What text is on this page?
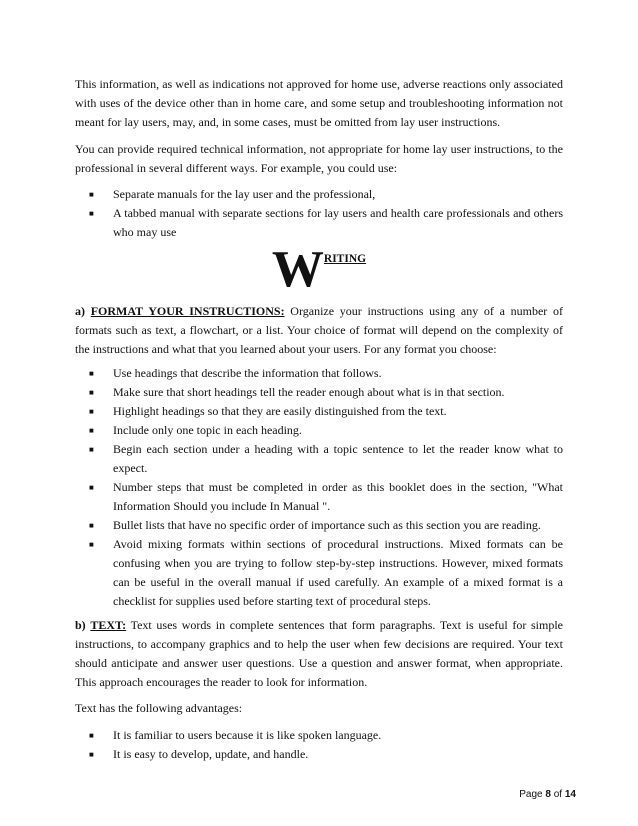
This information, as well as indications not approved for home use, adverse reactions only associated with uses of the device other than in home care, and some setup and troubleshooting information not meant for lay users, may, and, in some cases, must be omitted from lay user instructions.

You can provide required technical information, not appropriate for home lay user instructions, to the professional in several different ways. For example, you could use:

■ Separate manuals for the lay user and the professional,
■ A tabbed manual with separate sections for lay users and health care professionals and others who may use
WRITING

a) FORMAT YOUR INSTRUCTIONS: Organize your instructions using any of a number of formats such as text, a flowchart, or a list. Your choice of format will depend on the complexity of the instructions and what that you learned about your users. For any format you choose:

■ Use headings that describe the information that follows.
■ Make sure that short headings tell the reader enough about what is in that section.
■ Highlight headings so that they are easily distinguished from the text.
■ Include only one topic in each heading.
■ Begin each section under a heading with a topic sentence to let the reader know what to expect.
■ Number steps that must be completed in order as this booklet does in the section, "What Information Should you include In Manual ".
■ Bullet lists that have no specific order of importance such as this section you are reading.
■ Avoid mixing formats within sections of procedural instructions. Mixed formats can be confusing when you are trying to follow step-by-step instructions. However, mixed formats can be useful in the overall manual if used carefully. An example of a mixed format is a checklist for supplies used before starting text of procedural steps.

b) TEXT: Text uses words in complete sentences that form paragraphs. Text is useful for simple instructions, to accompany graphics and to help the user when few decisions are required. Your text should anticipate and answer user questions. Use a question and answer format, when appropriate. This approach encourages the reader to look for information.

Text has the following advantages:

■ It is familiar to users because it is like spoken language.
■ It is easy to develop, update, and handle.
Page 8 of 14
